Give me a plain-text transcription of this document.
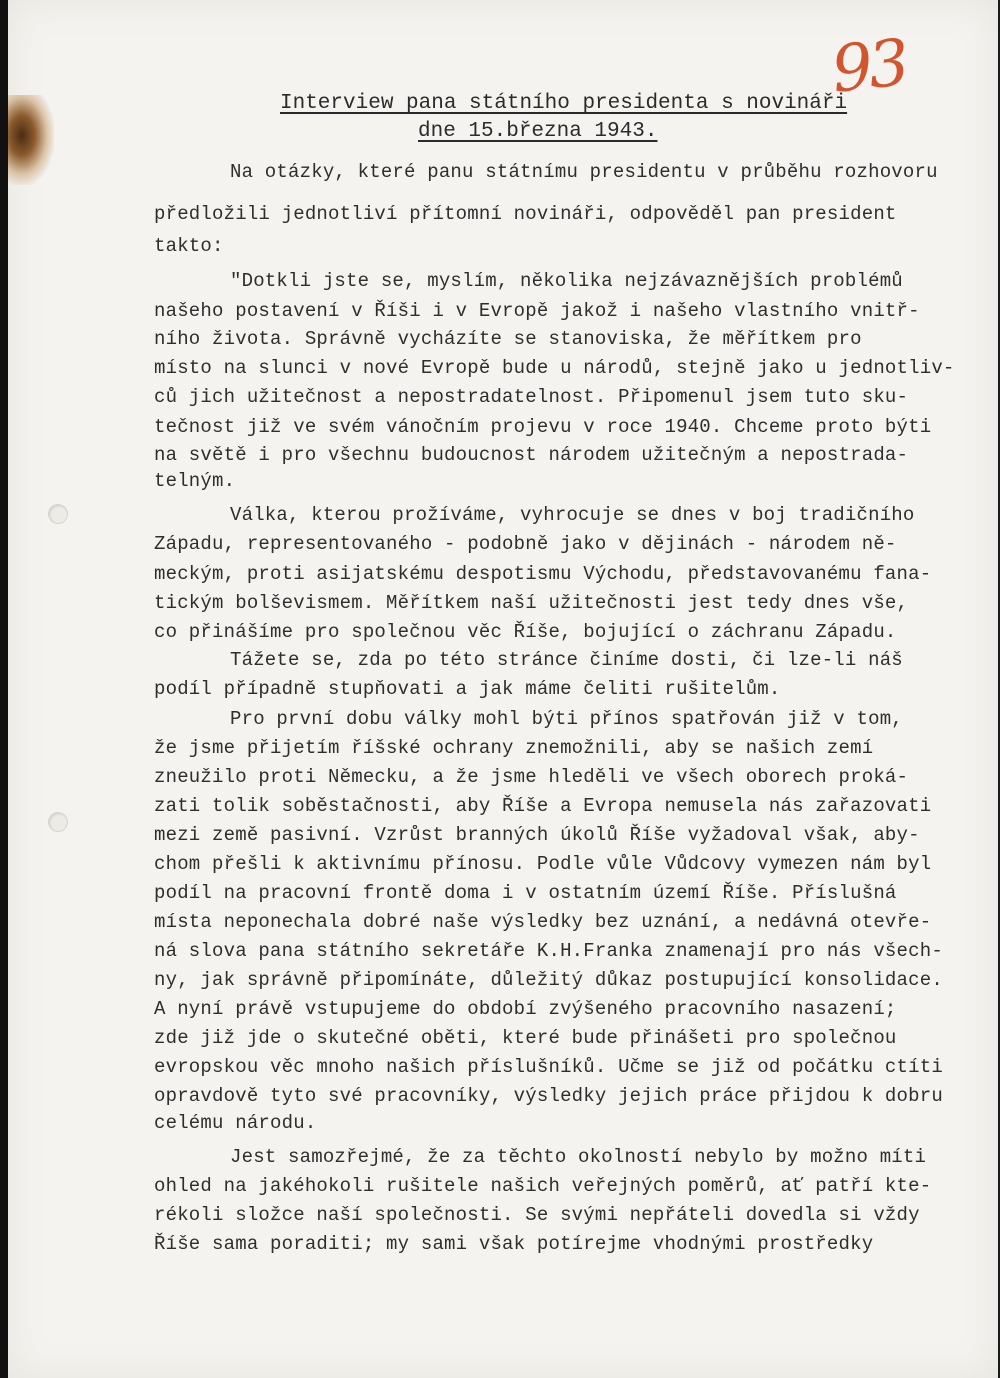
93

Interview pana státního presidenta s novináři

dne 15.března 1943.

Na otázky, které panu státnímu presidentu v průběhu rozhovoru

předložili jednotliví přítomní novináři, odpověděl pan president

takto:

"Dotkli jste se, myslím, několika nejzávaznějších problémů

našeho postavení v Říši i v Evropě jakož i našeho vlastního vnitř-

ního života. Správně vycházíte se stanoviska, že měřítkem pro

místo na slunci v nové Evropě bude u národů, stejně jako u jednotliv-

ců jich užitečnost a nepostradatelnost. Připomenul jsem tuto sku-

tečnost již ve svém vánočním projevu v roce 1940. Chceme proto býti

na světě i pro všechnu budoucnost národem užitečným a nepostrada-

telným.

Válka, kterou prožíváme, vyhrocuje se dnes v boj tradičního

Západu, representovaného - podobně jako v dějinách - národem ně-

meckým, proti asijatskému despotismu Východu, představovanému fana-

tickým bolševismem. Měřítkem naší užitečnosti jest tedy dnes vše,

co přinášíme pro společnou věc Říše, bojující o záchranu Západu.

Tážete se, zda po této stránce činíme dosti, či lze-li náš

podíl případně stupňovati a jak máme čeliti rušitelům.

Pro první dobu války mohl býti přínos spatřován již v tom,

že jsme přijetím říšské ochrany znemožnili, aby se našich zemí

zneužilo proti Německu, a že jsme hleděli ve všech oborech proká-

zati tolik soběstačnosti, aby Říše a Evropa nemusela nás zařazovati

mezi země pasivní. Vzrůst branných úkolů Říše vyžadoval však, aby-

chom přešli k aktivnímu přínosu. Podle vůle Vůdcovy vymezen nám byl

podíl na pracovní frontě doma i v ostatním území Říše. Příslušná

místa neponechala dobré naše výsledky bez uznání, a nedávná otevře-

ná slova pana státního sekretáře K.H.Franka znamenají pro nás všech-

ny, jak správně připomínáte, důležitý důkaz postupující konsolidace.

A nyní právě vstupujeme do období zvýšeného pracovního nasazení;

zde již jde o skutečné oběti, které bude přinášeti pro společnou

evropskou věc mnoho našich příslušníků. Učme se již od počátku ctíti

opravdově tyto své pracovníky, výsledky jejich práce přijdou k dobru

celému národu.

Jest samozřejmé, že za těchto okolností nebylo by možno míti

ohled na jakéhokoli rušitele našich veřejných poměrů, ať patří kte-

rékoli složce naší společnosti. Se svými nepřáteli dovedla si vždy

Říše sama poraditi; my sami však potírejme vhodnými prostředky
